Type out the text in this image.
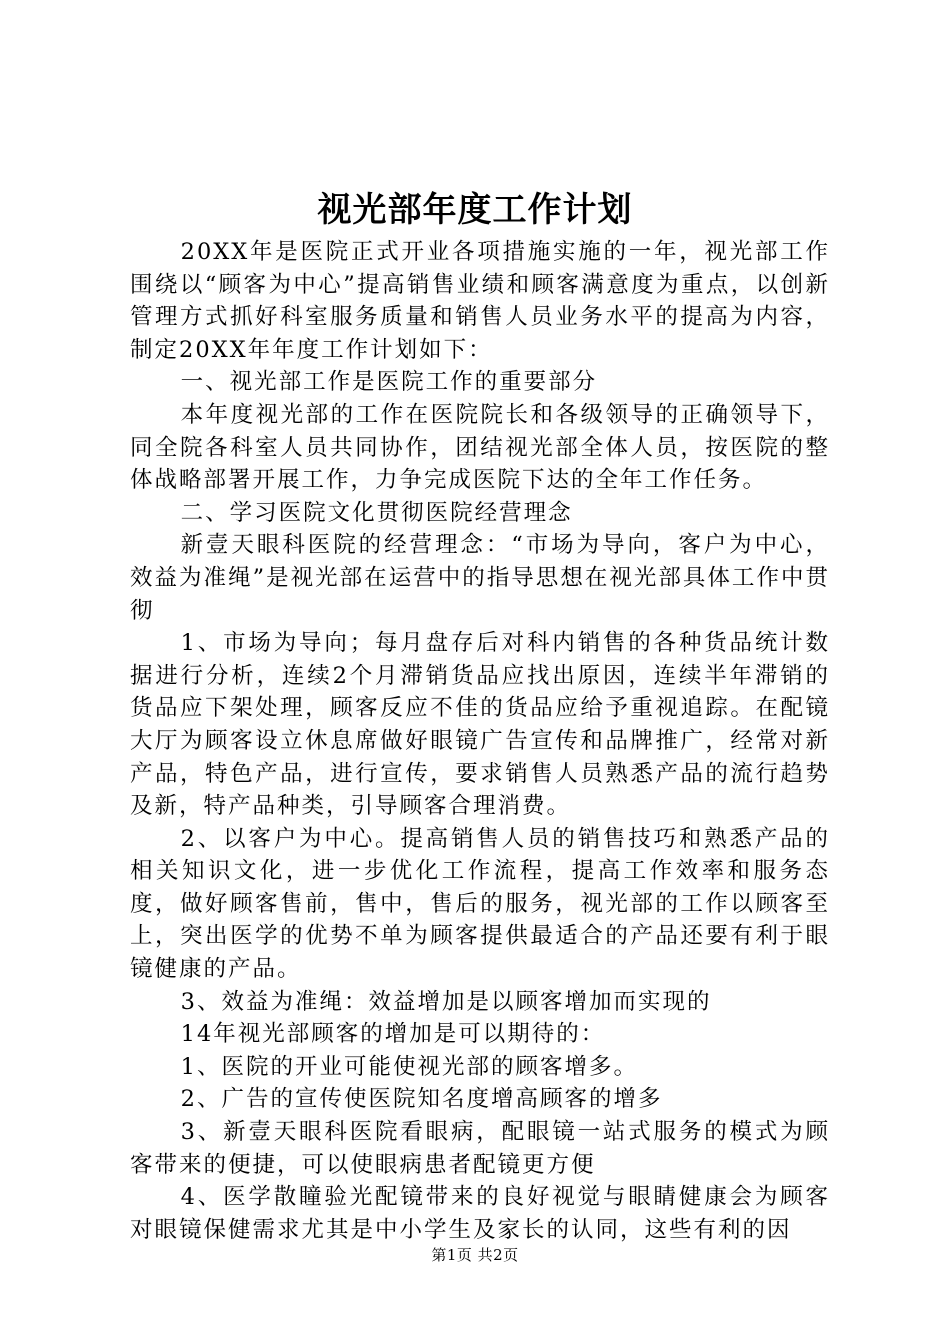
视光部年度工作计划

20XX年是医院正式开业各项措施实施的一年，视光部工作围绕以“顾客为中心”提高销售业绩和顾客满意度为重点，以创新管理方式抓好科室服务质量和销售人员业务水平的提高为内容，制定20XX年年度工作计划如下：

一、视光部工作是医院工作的重要部分

本年度视光部的工作在医院院长和各级领导的正确领导下，同全院各科室人员共同协作，团结视光部全体人员，按医院的整体战略部署开展工作，力争完成医院下达的全年工作任务。

二、学习医院文化贯彻医院经营理念

新壹天眼科医院的经营理念：“市场为导向，客户为中心，效益为准绳”是视光部在运营中的指导思想在视光部具体工作中贯彻

1、市场为导向；每月盘存后对科内销售的各种货品统计数据进行分析，连续2个月滞销货品应找出原因，连续半年滞销的货品应下架处理，顾客反应不佳的货品应给予重视追踪。在配镜大厅为顾客设立休息席做好眼镜广告宣传和品牌推广，经常对新产品，特色产品，进行宣传，要求销售人员熟悉产品的流行趋势及新，特产品种类，引导顾客合理消费。

2、以客户为中心。提高销售人员的销售技巧和熟悉产品的相关知识文化，进一步优化工作流程，提高工作效率和服务态度，做好顾客售前，售中，售后的服务，视光部的工作以顾客至上，突出医学的优势不单为顾客提供最适合的产品还要有利于眼镜健康的产品。

3、效益为准绳：效益增加是以顾客增加而实现的

14年视光部顾客的增加是可以期待的：

1、医院的开业可能使视光部的顾客增多。

2、广告的宣传使医院知名度增高顾客的增多

3、新壹天眼科医院看眼病，配眼镜一站式服务的模式为顾客带来的便捷，可以使眼病患者配镜更方便

4、医学散瞳验光配镜带来的良好视觉与眼睛健康会为顾客对眼镜保健需求尤其是中小学生及家长的认同，这些有利的因

第1页 共2页
